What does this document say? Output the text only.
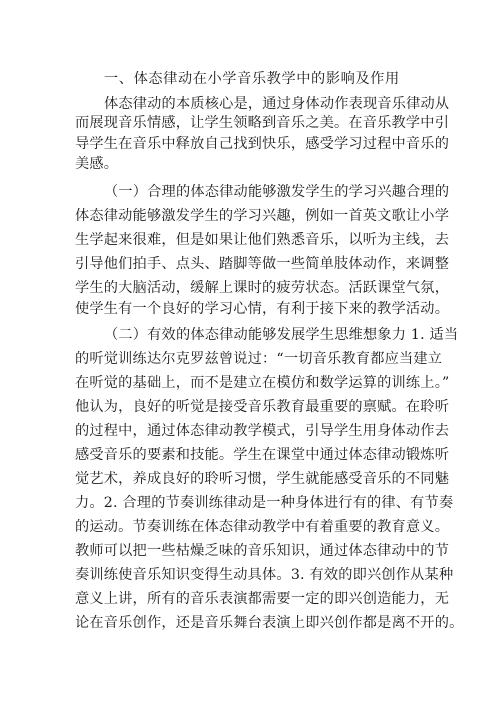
一、体态律动在小学音乐教学中的影响及作用
体态律动的本质核心是，通过身体动作表现音乐律动从
而展现音乐情感，让学生领略到音乐之美。在音乐教学中引
导学生在音乐中释放自己找到快乐，感受学习过程中音乐的
美感。
（一）合理的体态律动能够激发学生的学习兴趣合理的
体态律动能够激发学生的学习兴趣，例如一首英文歌让小学
生学起来很难，但是如果让他们熟悉音乐，以听为主线，去
引导他们拍手、点头、踏脚等做一些简单肢体动作，来调整
学生的大脑活动，缓解上课时的疲劳状态。活跃课堂气氛，
使学生有一个良好的学习心情，有利于接下来的教学活动。
（二）有效的体态律动能够发展学生思维想象力 1. 适当
的听觉训练达尔克罗兹曾说过：“一切音乐教育都应当建立
在听觉的基础上，而不是建立在模仿和数学运算的训练上。”
他认为，良好的听觉是接受音乐教育最重要的禀赋。在聆听
的过程中，通过体态律动教学模式，引导学生用身体动作去
感受音乐的要素和技能。学生在课堂中通过体态律动锻炼听
觉艺术，养成良好的聆听习惯，学生就能感受音乐的不同魅
力。2. 合理的节奏训练律动是一种身体进行有的律、有节奏
的运动。节奏训练在体态律动教学中有着重要的教育意义。
教师可以把一些枯燥乏味的音乐知识，通过体态律动中的节
奏训练使音乐知识变得生动具体。3. 有效的即兴创作从某种
意义上讲，所有的音乐表演都需要一定的即兴创造能力，无
论在音乐创作，还是音乐舞台表演上即兴创作都是离不开的。
